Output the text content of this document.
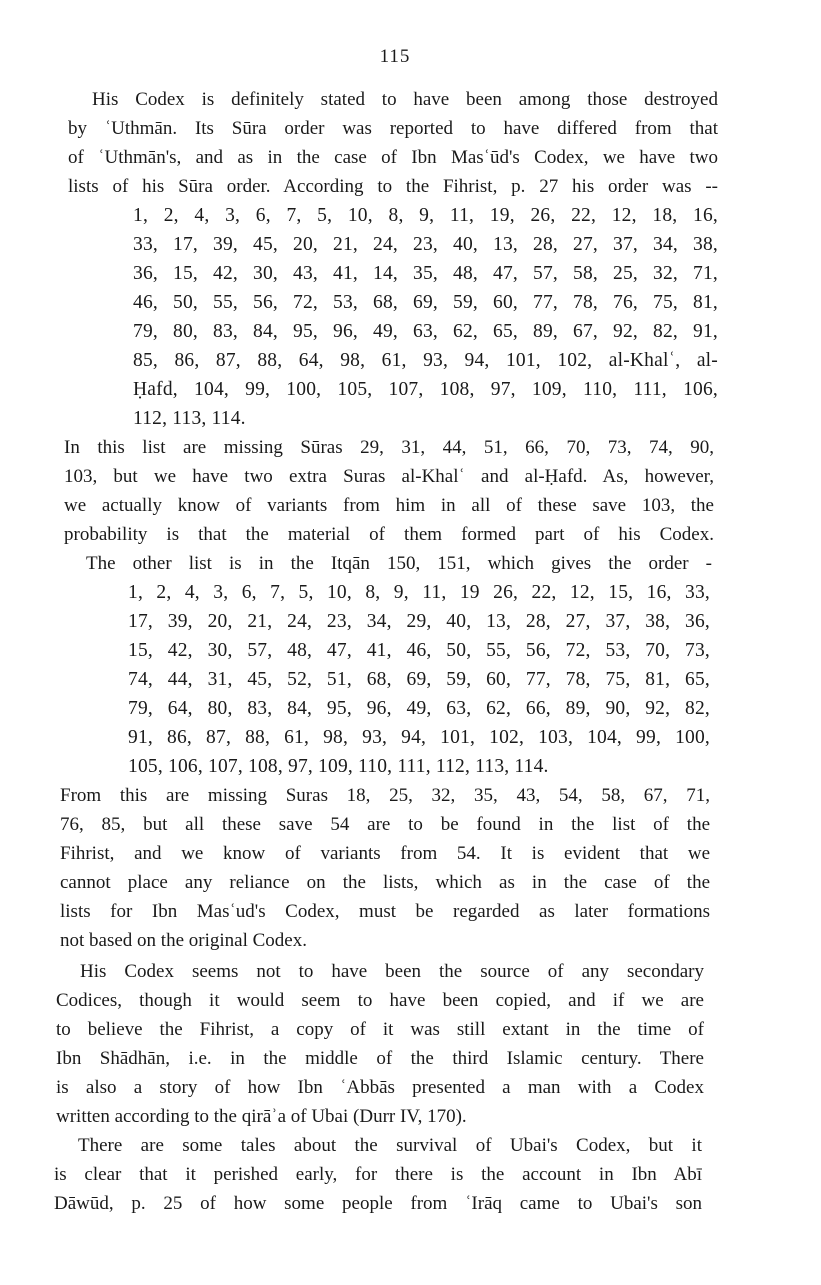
115
His Codex is definitely stated to have been among those destroyed
by ʿUthmān. Its Sūra order was reported to have differed from that
of ʿUthmān's, and as in the case of Ibn Masʿūd's Codex, we have two
lists of his Sūra order. According to the Fihrist, p. 27 his order was --
1, 2, 4, 3, 6, 7, 5, 10, 8, 9, 11, 19, 26, 22, 12, 18, 16,
33, 17, 39, 45, 20, 21, 24, 23, 40, 13, 28, 27, 37, 34, 38,
36, 15, 42, 30, 43, 41, 14, 35, 48, 47, 57, 58, 25, 32, 71,
46, 50, 55, 56, 72, 53, 68, 69, 59, 60, 77, 78, 76, 75, 81,
79, 80, 83, 84, 95, 96, 49, 63, 62, 65, 89, 67, 92, 82, 91,
85, 86, 87, 88, 64, 98, 61, 93, 94, 101, 102, al-Khalʿ, al-
Ḥafd, 104, 99, 100, 105, 107, 108, 97, 109, 110, 111, 106,
112, 113, 114.
In this list are missing Sūras 29, 31, 44, 51, 66, 70, 73, 74, 90,
103, but we have two extra Suras al-Khalʿ and al-Ḥafd. As, however,
we actually know of variants from him in all of these save 103, the
probability is that the material of them formed part of his Codex.
The other list is in the Itqān 150, 151, which gives the order -
1, 2, 4, 3, 6, 7, 5, 10, 8, 9, 11, 19 26, 22, 12, 15, 16, 33,
17, 39, 20, 21, 24, 23, 34, 29, 40, 13, 28, 27, 37, 38, 36,
15, 42, 30, 57, 48, 47, 41, 46, 50, 55, 56, 72, 53, 70, 73,
74, 44, 31, 45, 52, 51, 68, 69, 59, 60, 77, 78, 75, 81, 65,
79, 64, 80, 83, 84, 95, 96, 49, 63, 62, 66, 89, 90, 92, 82,
91, 86, 87, 88, 61, 98, 93, 94, 101, 102, 103, 104, 99, 100,
105, 106, 107, 108, 97, 109, 110, 111, 112, 113, 114.
From this are missing Suras 18, 25, 32, 35, 43, 54, 58, 67, 71,
76, 85, but all these save 54 are to be found in the list of the
Fihrist, and we know of variants from 54. It is evident that we
cannot place any reliance on the lists, which as in the case of the
lists for Ibn Masʿud's Codex, must be regarded as later formations
not based on the original Codex.
His Codex seems not to have been the source of any secondary
Codices, though it would seem to have been copied, and if we are
to believe the Fihrist, a copy of it was still extant in the time of
Ibn Shādhān, i.e. in the middle of the third Islamic century. There
is also a story of how Ibn ʿAbbās presented a man with a Codex
written according to the qirāʾa of Ubai (Durr IV, 170).
There are some tales about the survival of Ubai's Codex, but it
is clear that it perished early, for there is the account in Ibn Abī
Dāwūd, p. 25 of how some people from ʿIrāq came to Ubai's son
